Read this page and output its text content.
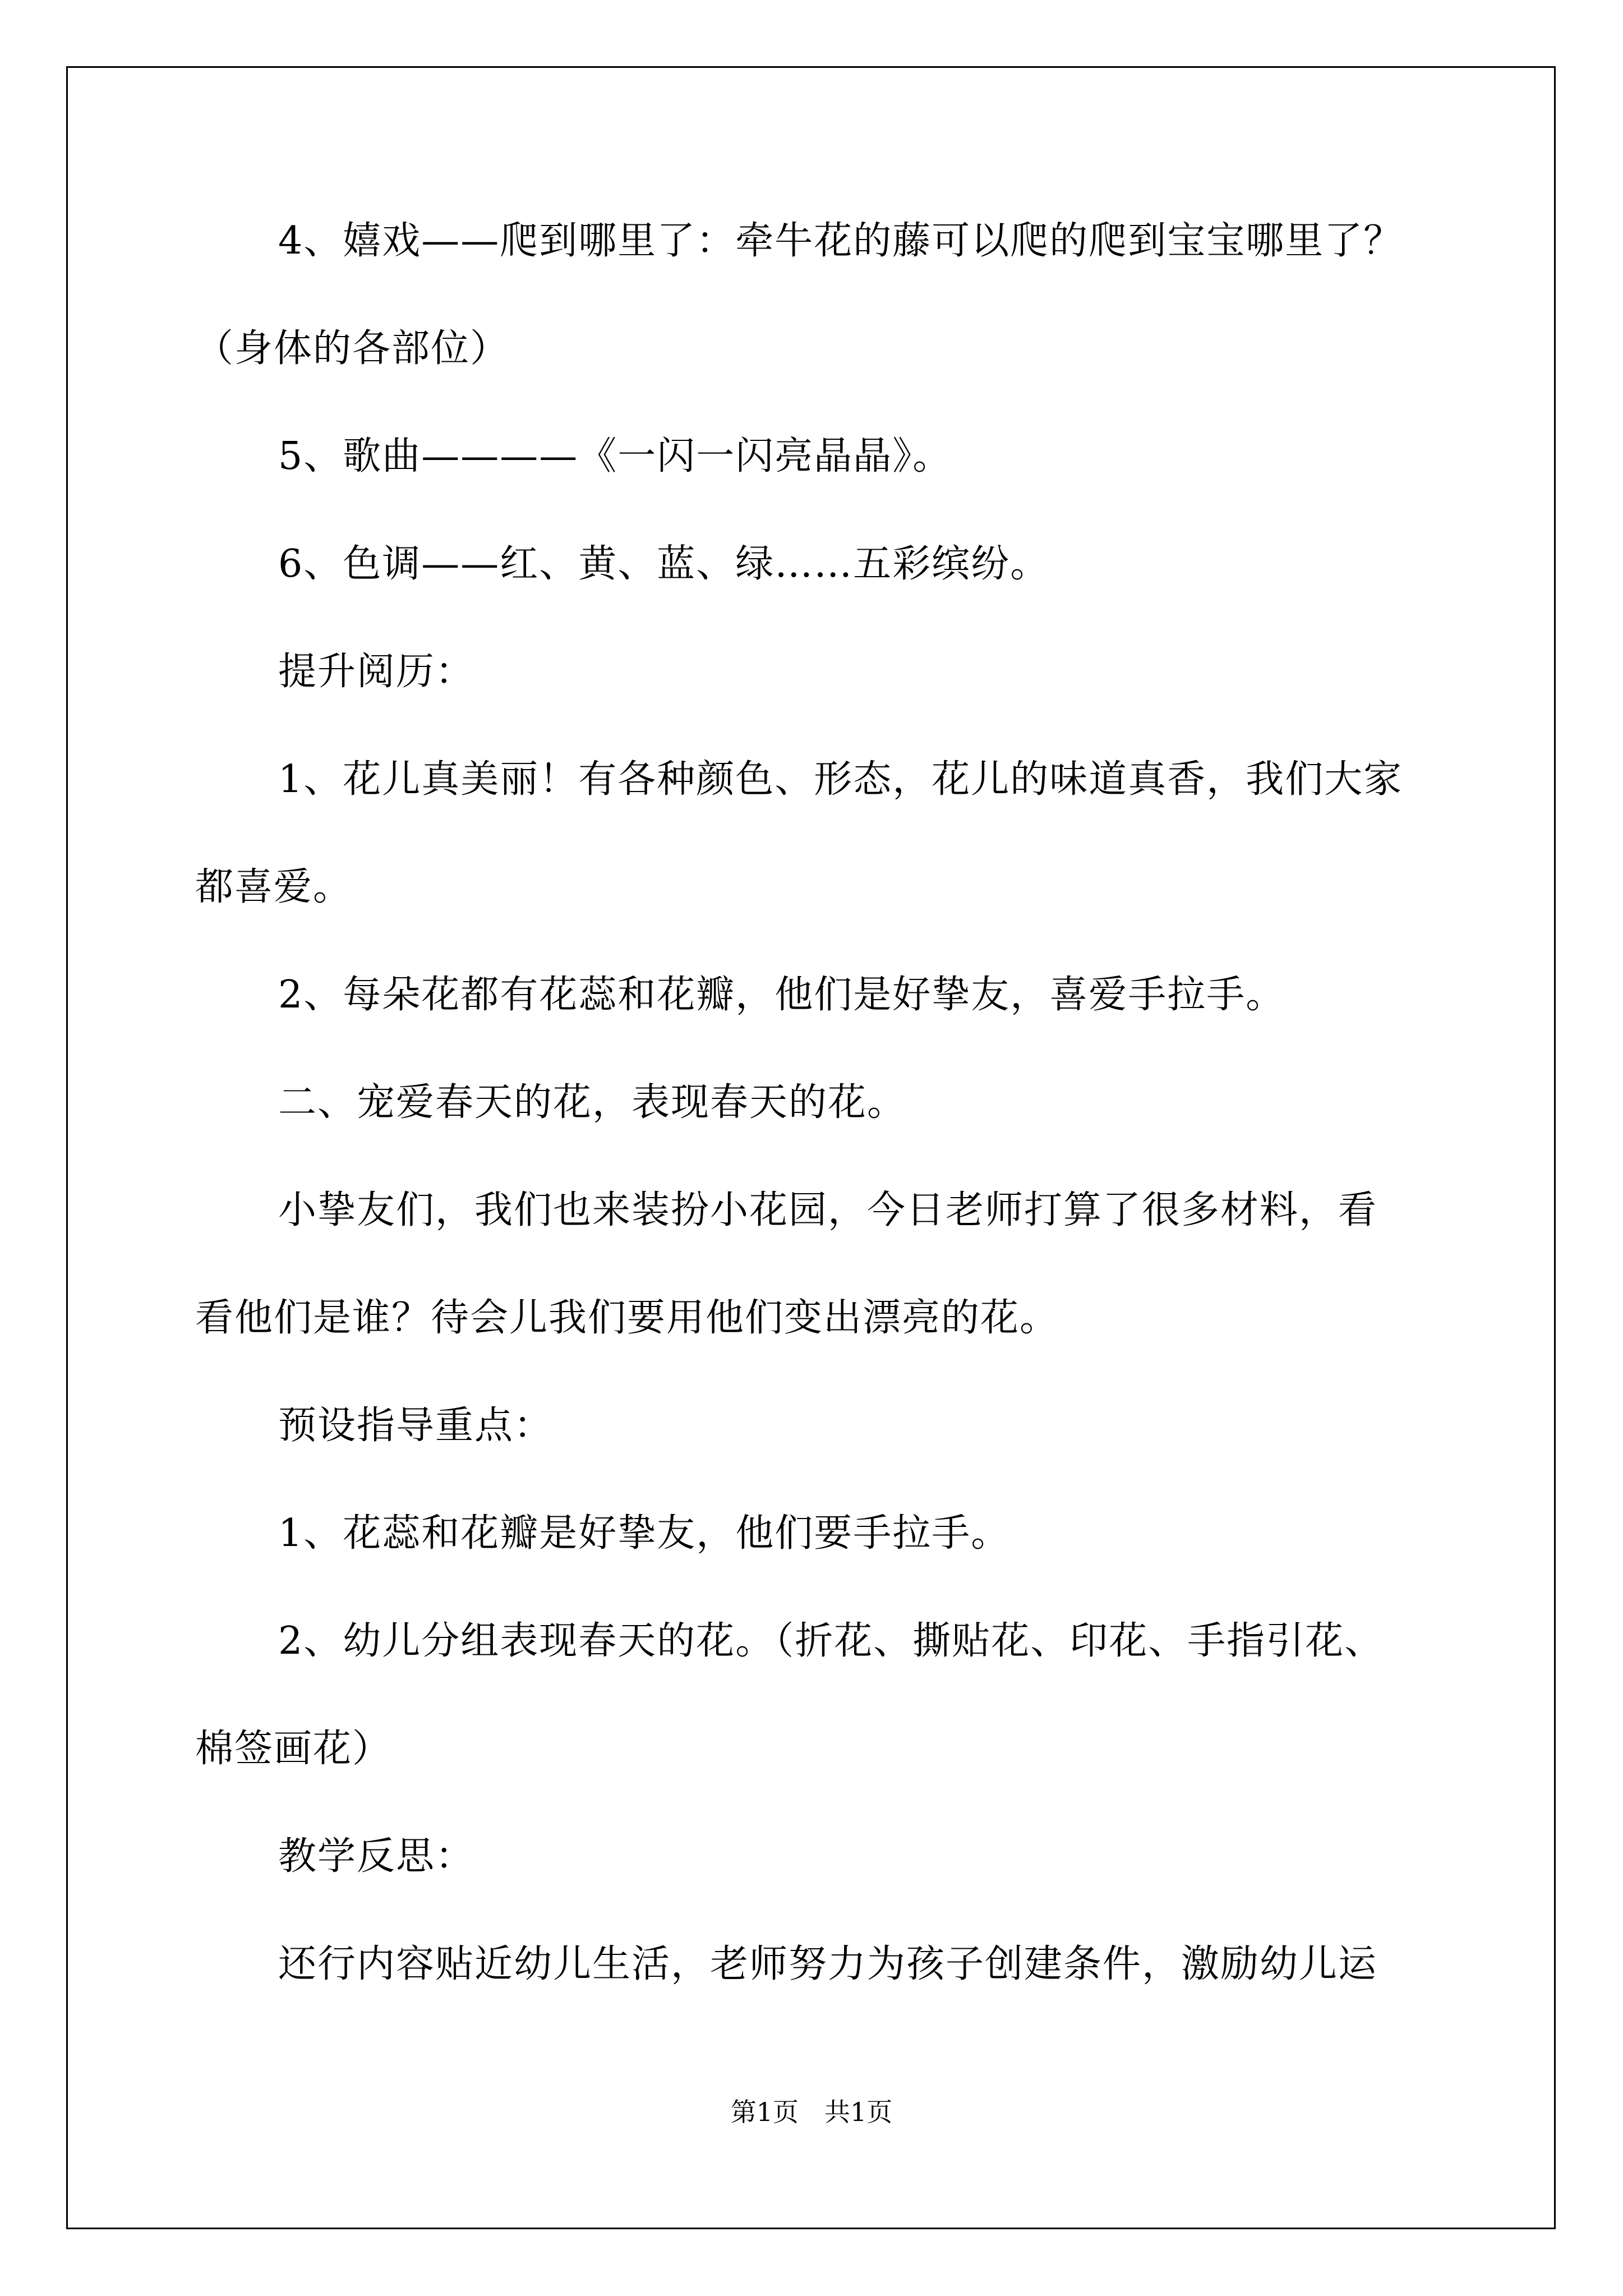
4、嬉戏——爬到哪里了：牵牛花的藤可以爬的爬到宝宝哪里了？
（身体的各部位）
5、歌曲————《一闪一闪亮晶晶》。
6、色调——红、黄、蓝、绿……五彩缤纷。
提升阅历：
1、花儿真美丽！有各种颜色、形态，花儿的味道真香，我们大家
都喜爱。
2、每朵花都有花蕊和花瓣，他们是好挚友，喜爱手拉手。
二、宠爱春天的花，表现春天的花。
小挚友们，我们也来装扮小花园，今日老师打算了很多材料，看
看他们是谁？待会儿我们要用他们变出漂亮的花。
预设指导重点：
1、花蕊和花瓣是好挚友，他们要手拉手。
2、幼儿分组表现春天的花。（折花、撕贴花、印花、手指引花、
棉签画花）
教学反思：
还行内容贴近幼儿生活，老师努力为孩子创建条件，激励幼儿运
第1页　共1页
